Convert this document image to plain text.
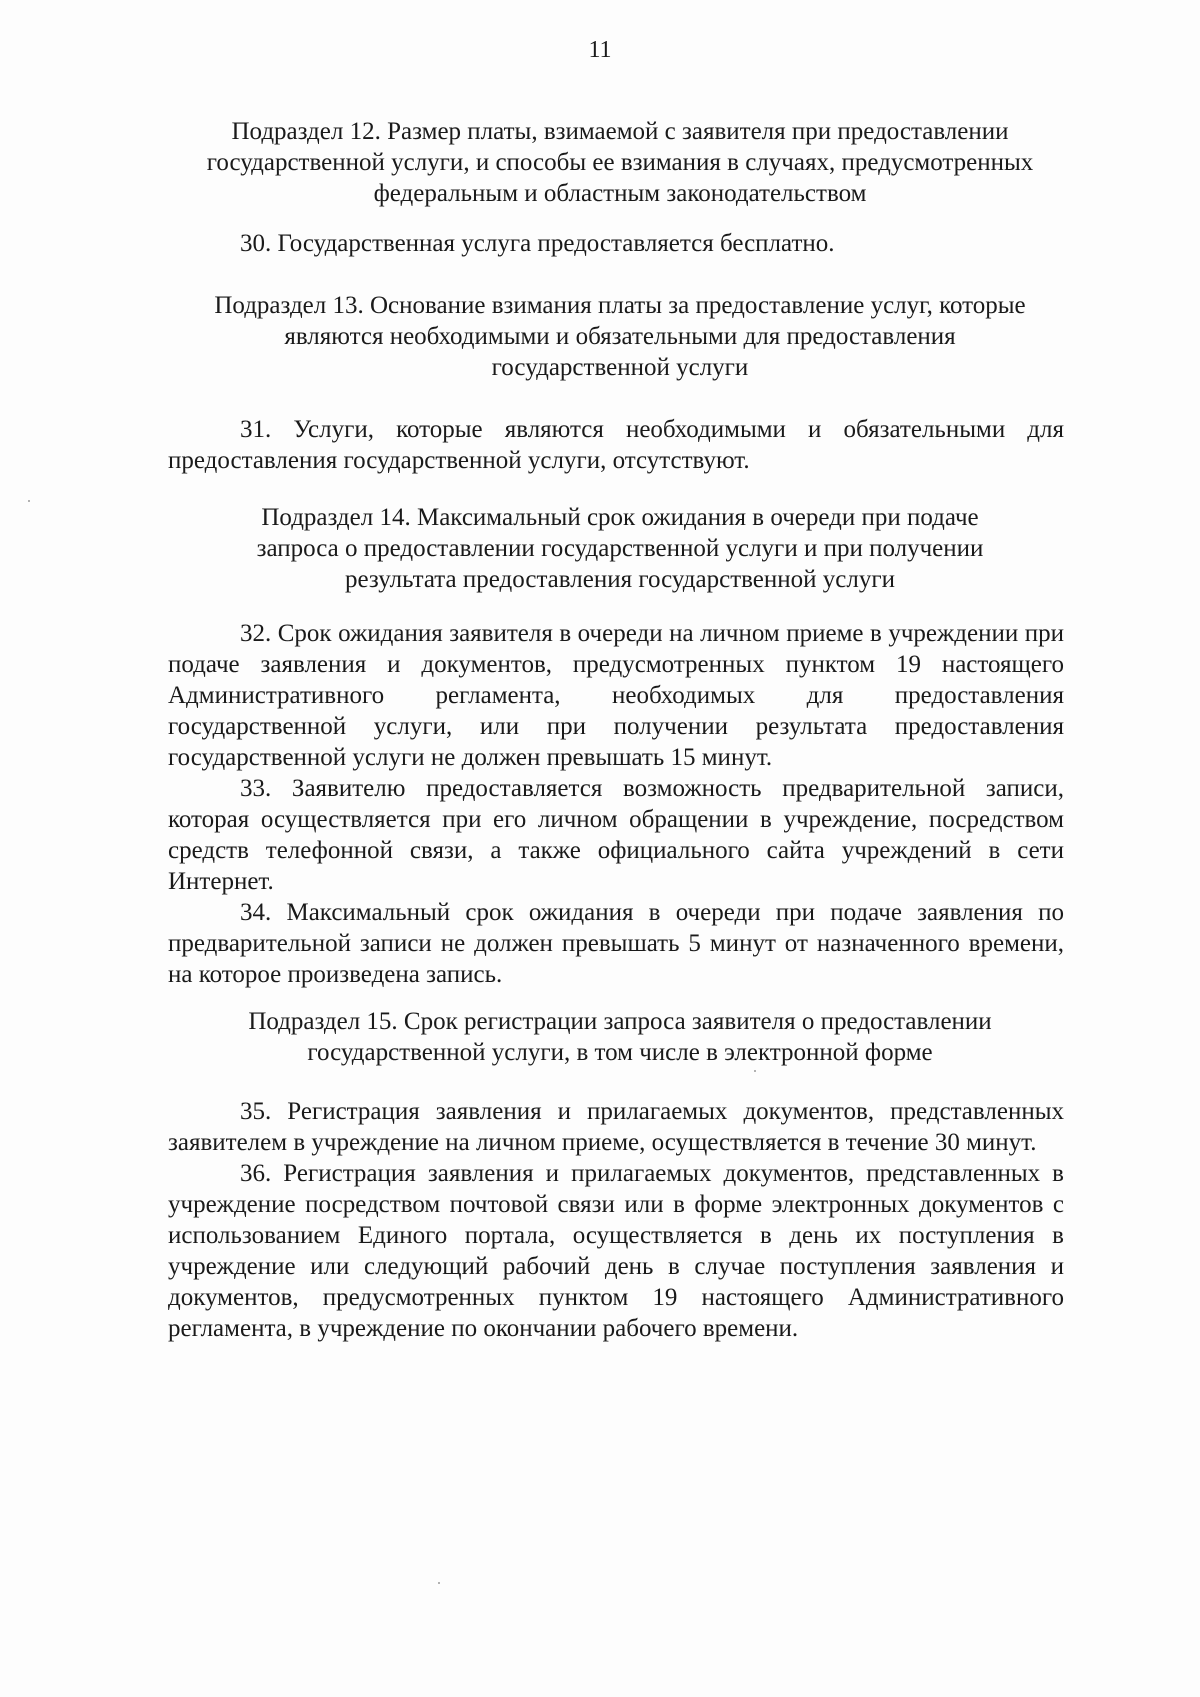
11
Подраздел 12. Размер платы, взимаемой с заявителя при предоставлении
государственной услуги, и способы ее взимания в случаях, предусмотренных
федеральным и областным законодательством

30. Государственная услуга предоставляется бесплатно.

Подраздел 13. Основание взимания платы за предоставление услуг, которые
являются необходимыми и обязательными для предоставления
государственной услуги

31. Услуги, которые являются необходимыми и обязательными для предоставления государственной услуги, отсутствуют.

Подраздел 14. Максимальный срок ожидания в очереди при подаче
запроса о предоставлении государственной услуги и при получении
результата предоставления государственной услуги

32. Срок ожидания заявителя в очереди на личном приеме в учреждении при подаче заявления и документов, предусмотренных пунктом 19 настоящего Административного регламента, необходимых для предоставления государственной услуги, или при получении результата предоставления государственной услуги не должен превышать 15 минут.

33. Заявителю предоставляется возможность предварительной записи, которая осуществляется при его личном обращении в учреждение, посредством средств телефонной связи, а также официального сайта учреждений в сети Интернет.

34. Максимальный срок ожидания в очереди при подаче заявления по предварительной записи не должен превышать 5 минут от назначенного времени, на которое произведена запись.

Подраздел 15. Срок регистрации запроса заявителя о предоставлении
государственной услуги, в том числе в электронной форме

35. Регистрация заявления и прилагаемых документов, представленных заявителем в учреждение на личном приеме, осуществляется в течение 30 минут.

36. Регистрация заявления и прилагаемых документов, представленных в учреждение посредством почтовой связи или в форме электронных документов с использованием Единого портала, осуществляется в день их поступления в учреждение или следующий рабочий день в случае поступления заявления и документов, предусмотренных пунктом 19 настоящего Административного регламента, в учреждение по окончании рабочего времени.
